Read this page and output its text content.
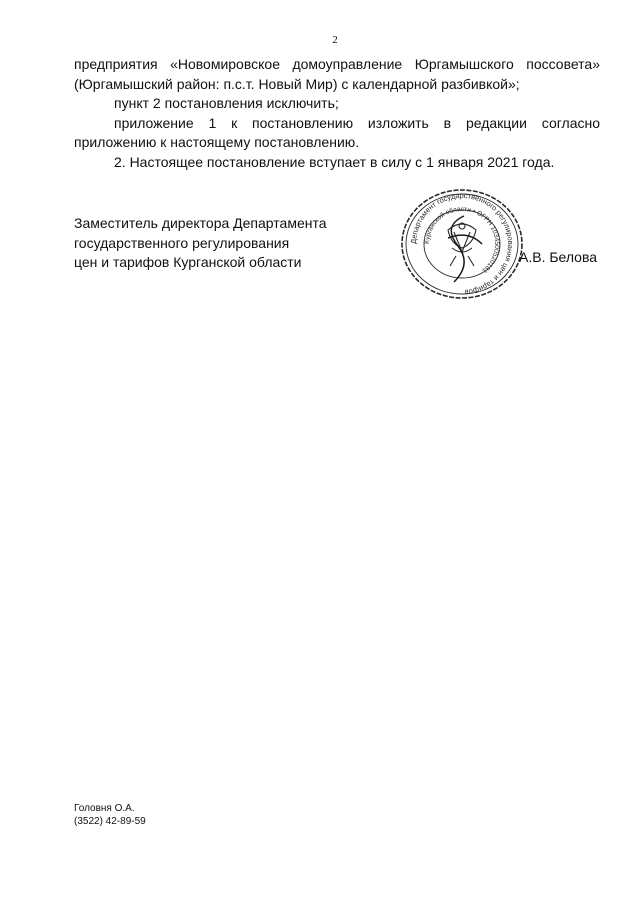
2

предприятия «Новомировское домоуправление Юргамышского поссовета» (Юргамышский район: п.с.т. Новый Мир) с календарной разбивкой»;

пункт 2 постановления исключить;

приложение 1 к постановлению изложить в редакции согласно приложению к настоящему постановлению.

2. Настоящее постановление вступает в силу с 1 января 2021 года.

Заместитель директора Департамента
государственного регулирования
цен и тарифов Курганской области
Департамент государственного регулирования цен и тарифов
Курганской области • ОГРН 1034500520181
А.В. Белова
Головня О.А.
(3522) 42-89-59
